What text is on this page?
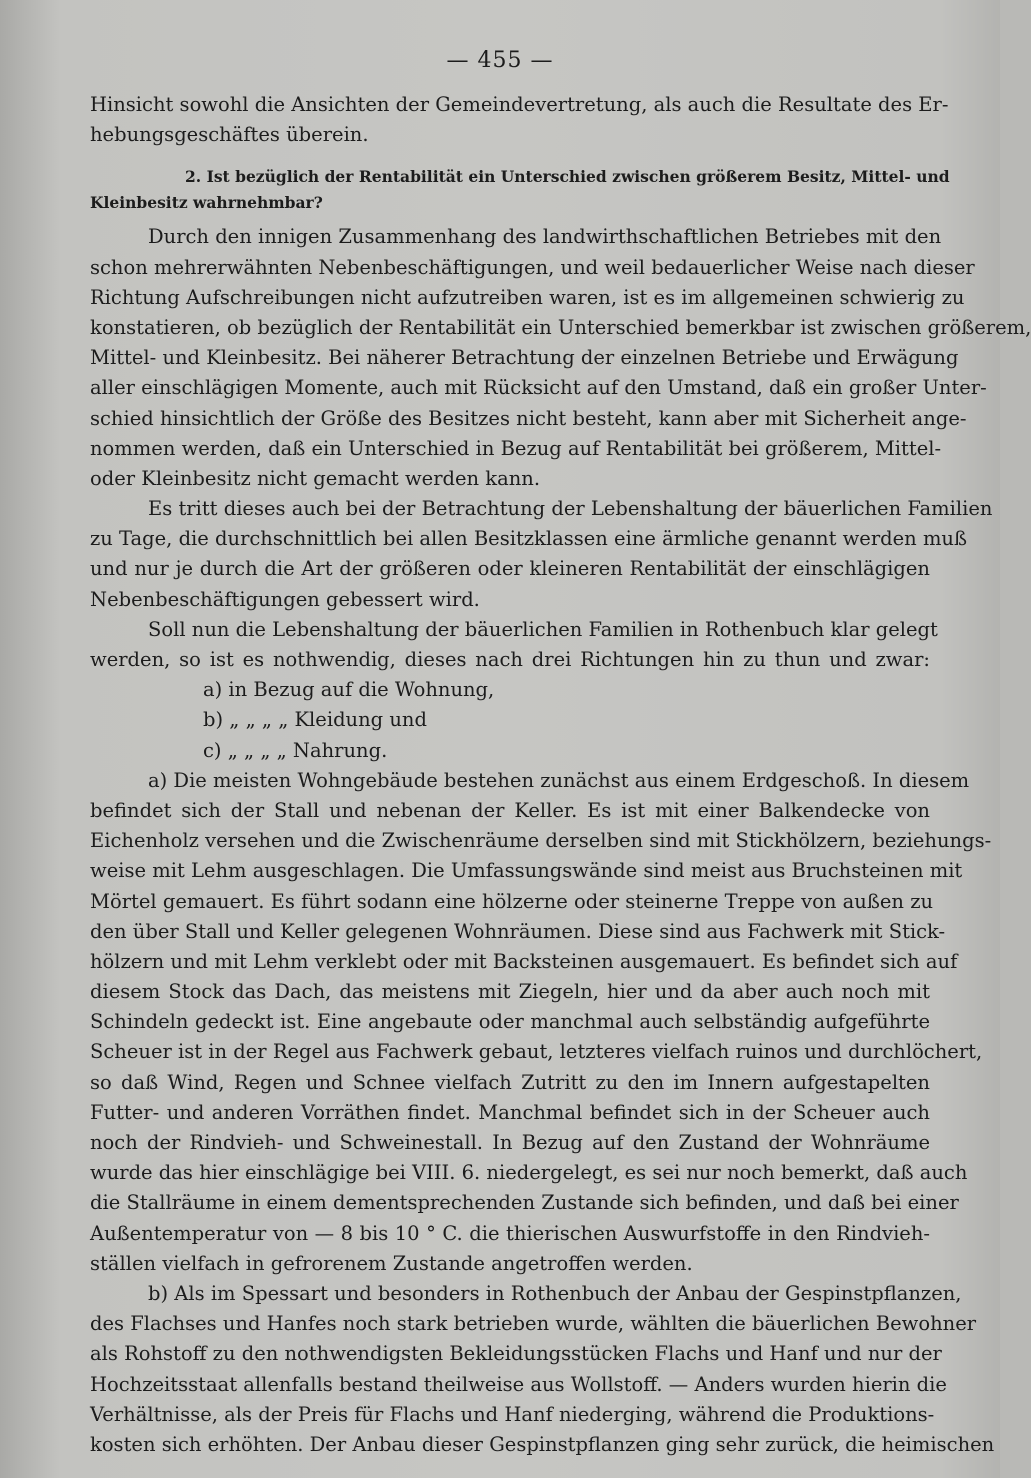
— 455 —
Hinsicht sowohl die Ansichten der Gemeindevertretung, als auch die Resultate des Er-
hebungsgeschäftes überein.
2. Ist bezüglich der Rentabilität ein Unterschied zwischen größerem Besitz, Mittel- und
Kleinbesitz wahrnehmbar?
Durch den innigen Zusammenhang des landwirthschaftlichen Betriebes mit den
schon mehrerwähnten Nebenbeschäftigungen, und weil bedauerlicher Weise nach dieser
Richtung Aufschreibungen nicht aufzutreiben waren, ist es im allgemeinen schwierig zu
konstatieren, ob bezüglich der Rentabilität ein Unterschied bemerkbar ist zwischen größerem,
Mittel- und Kleinbesitz. Bei näherer Betrachtung der einzelnen Betriebe und Erwägung
aller einschlägigen Momente, auch mit Rücksicht auf den Umstand, daß ein großer Unter-
schied hinsichtlich der Größe des Besitzes nicht besteht, kann aber mit Sicherheit ange-
nommen werden, daß ein Unterschied in Bezug auf Rentabilität bei größerem, Mittel-
oder Kleinbesitz nicht gemacht werden kann.
Es tritt dieses auch bei der Betrachtung der Lebenshaltung der bäuerlichen Familien
zu Tage, die durchschnittlich bei allen Besitzklassen eine ärmliche genannt werden muß
und nur je durch die Art der größeren oder kleineren Rentabilität der einschlägigen
Nebenbeschäftigungen gebessert wird.
Soll nun die Lebenshaltung der bäuerlichen Familien in Rothenbuch klar gelegt
werden, so ist es nothwendig, dieses nach drei Richtungen hin zu thun und zwar:
a) in Bezug auf die Wohnung,
b) „ „ „ „ Kleidung und
c) „ „ „ „ Nahrung.
a) Die meisten Wohngebäude bestehen zunächst aus einem Erdgeschoß. In diesem
befindet sich der Stall und nebenan der Keller. Es ist mit einer Balkendecke von
Eichenholz versehen und die Zwischenräume derselben sind mit Stickhölzern, beziehungs-
weise mit Lehm ausgeschlagen. Die Umfassungswände sind meist aus Bruchsteinen mit
Mörtel gemauert. Es führt sodann eine hölzerne oder steinerne Treppe von außen zu
den über Stall und Keller gelegenen Wohnräumen. Diese sind aus Fachwerk mit Stick-
hölzern und mit Lehm verklebt oder mit Backsteinen ausgemauert. Es befindet sich auf
diesem Stock das Dach, das meistens mit Ziegeln, hier und da aber auch noch mit
Schindeln gedeckt ist. Eine angebaute oder manchmal auch selbständig aufgeführte
Scheuer ist in der Regel aus Fachwerk gebaut, letzteres vielfach ruinos und durchlöchert,
so daß Wind, Regen und Schnee vielfach Zutritt zu den im Innern aufgestapelten
Futter- und anderen Vorräthen findet. Manchmal befindet sich in der Scheuer auch
noch der Rindvieh- und Schweinestall. In Bezug auf den Zustand der Wohnräume
wurde das hier einschlägige bei VIII. 6. niedergelegt, es sei nur noch bemerkt, daß auch
die Stallräume in einem dementsprechenden Zustande sich befinden, und daß bei einer
Außentemperatur von — 8 bis 10 ° C. die thierischen Auswurfstoffe in den Rindvieh-
ställen vielfach in gefrorenem Zustande angetroffen werden.
b) Als im Spessart und besonders in Rothenbuch der Anbau der Gespinstpflanzen,
des Flachses und Hanfes noch stark betrieben wurde, wählten die bäuerlichen Bewohner
als Rohstoff zu den nothwendigsten Bekleidungsstücken Flachs und Hanf und nur der
Hochzeitsstaat allenfalls bestand theilweise aus Wollstoff. — Anders wurden hierin die
Verhältnisse, als der Preis für Flachs und Hanf niederging, während die Produktions-
kosten sich erhöhten. Der Anbau dieser Gespinstpflanzen ging sehr zurück, die heimischen
